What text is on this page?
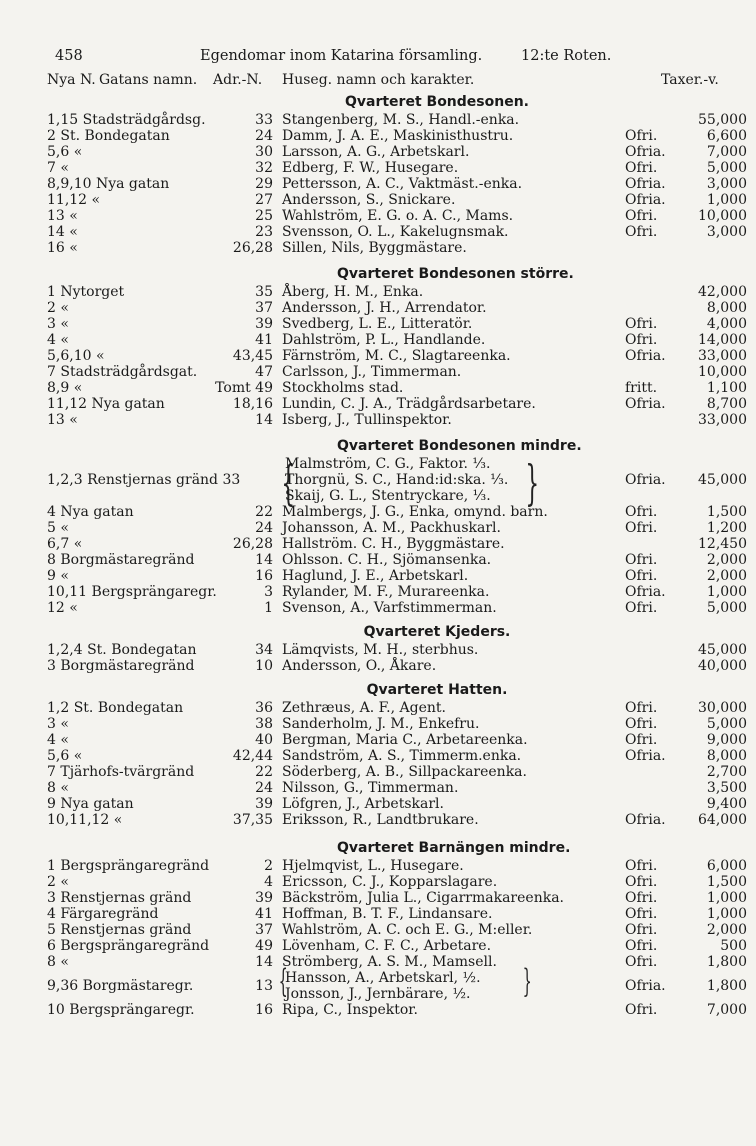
458	Egendomar inom Katarina församling.	12:te Roten.
Nya N. Gatans namn. Adr.-N. Huseg. namn och karakter.	Taxer.-v.
Qvarteret Bondesonen.
1,15 Stadsträdgårdsg.	33 Stangenberg, M. S., Handl.-enka.	55,000
2 St. Bondegatan	24 Damm, J. A. E., Maskinisthustru.	Ofri.	6,600
5,6 «	30 Larsson, A. G., Arbetskarl.	Ofria.	7,000
7 «	32 Edberg, F. W., Husegare.	Ofri.	5,000
8,9,10 Nya gatan	29 Pettersson, A. C., Vaktmäst.-enka.	Ofria.	3,000
11,12 «	27 Andersson, S., Snickare.	Ofria.	1,000
13 «	25 Wahlström, E. G. o. A. C., Mams.	Ofri.	10,000
14 «	23 Svensson, O. L., Kakelugnsmak.	Ofri.	3,000
16 «	26,28 Sillen, Nils, Byggmästare.
Qvarteret Bondesonen större.
1 Nytorget	35 Åberg, H. M., Enka.	42,000
2 «	37 Andersson, J. H., Arrendator.	8,000
3 «	39 Svedberg, L. E., Litteratör.	Ofri.	4,000
4 «	41 Dahlström, P. L., Handlande.	Ofri.	14,000
5,6,10 «	43,45 Färnström, M. C., Slagtareenka.	Ofria. 33,000
7 Stadsträdgårdsgat.	47 Carlsson, J., Timmerman.	10,000
8,9 «	Tomt 49 Stockholms stad.	fritt.	1,100
11,12 Nya gatan	18,16 Lundin, C. J. A., Trädgårdsarbetare.	Ofria.	8,700
13 «	14 Isberg, J., Tullinspektor.	33,000
Qvarteret Bondesonen mindre.
1,2,3 Renstjernas gränd 33 {
Malmström, C. G., Faktor. ⅓.
Thorgnü, S. C., Hand:id:ska. ⅓.
Skaij, G. L., Stentryckare, ⅓. }	Ofria. 45,000
4 Nya gatan	22 Malmbergs, J. G., Enka, omynd. barn.	Ofri.	1,500
5 «	24 Johansson, A. M., Packhuskarl.	Ofri.	1,200
6,7 «	26,28 Hallström. C. H., Byggmästare.	12,450
8 Borgmästaregränd	14 Ohlsson. C. H., Sjömansenka.	Ofri.	2,000
9 «	16 Haglund, J. E., Arbetskarl.	Ofri.	2,000
10,11 Bergsprängaregr.	3 Rylander, M. F., Murareenka.	Ofria.	1,000
12 «	1 Svenson, A., Varfstimmerman.	Ofri.	5,000
Qvarteret Kjeders.
1,2,4 St. Bondegatan	34 Lämqvists, M. H., sterbhus.	45,000
3 Borgmästaregränd	10 Andersson, O., Åkare.	40,000
Qvarteret Hatten.
1,2 St. Bondegatan	36 Zethræus, A. F., Agent.	Ofri.	30,000
3 «	38 Sanderholm, J. M., Enkefru.	Ofri.	5,000
4 «	40 Bergman, Maria C., Arbetareenka.	Ofri.	9,000
5,6 «	42,44 Sandström, A. S., Timmerm.enka.	Ofria.	8,000
7 Tjärhofs-tvärgränd	22 Söderberg, A. B., Sillpackareenka.	2,700
8 «	24 Nilsson, G., Timmerman.	3,500
9 Nya gatan	39 Löfgren, J., Arbetskarl.	9,400
10,11,12 «	37,35 Eriksson, R., Landtbrukare.	Ofria. 64,000
Qvarteret Barnängen mindre.
1 Bergsprängaregränd	2 Hjelmqvist, L., Husegare.	Ofri.	6,000
2 «	4 Ericsson, C. J., Kopparslagare.	Ofri.	1,500
3 Renstjernas gränd	39 Bäckström, Julia L., Cigarrmakareenka.	Ofri.	1,000
4 Färgaregränd	41 Hoffman, B. T. F., Lindansare.	Ofri.	1,000
5 Renstjernas gränd	37 Wahlström, A. C. och E. G., M:eller.	Ofri.	2,000
6 Bergsprängaregränd	49 Lövenham, C. F. C., Arbetare.	Ofri.	500
8 «	14 Strömberg, A. S. M., Mamsell.	Ofri.	1,800
9,36 Borgmästaregr.	13 {
Hansson, A., Arbetskarl, ½.
Jonsson, J., Jernbärare, ½. }	Ofria.	1,800
10 Bergsprängaregr.	16 Ripa, C., Inspektor.	Ofri.	7,000
